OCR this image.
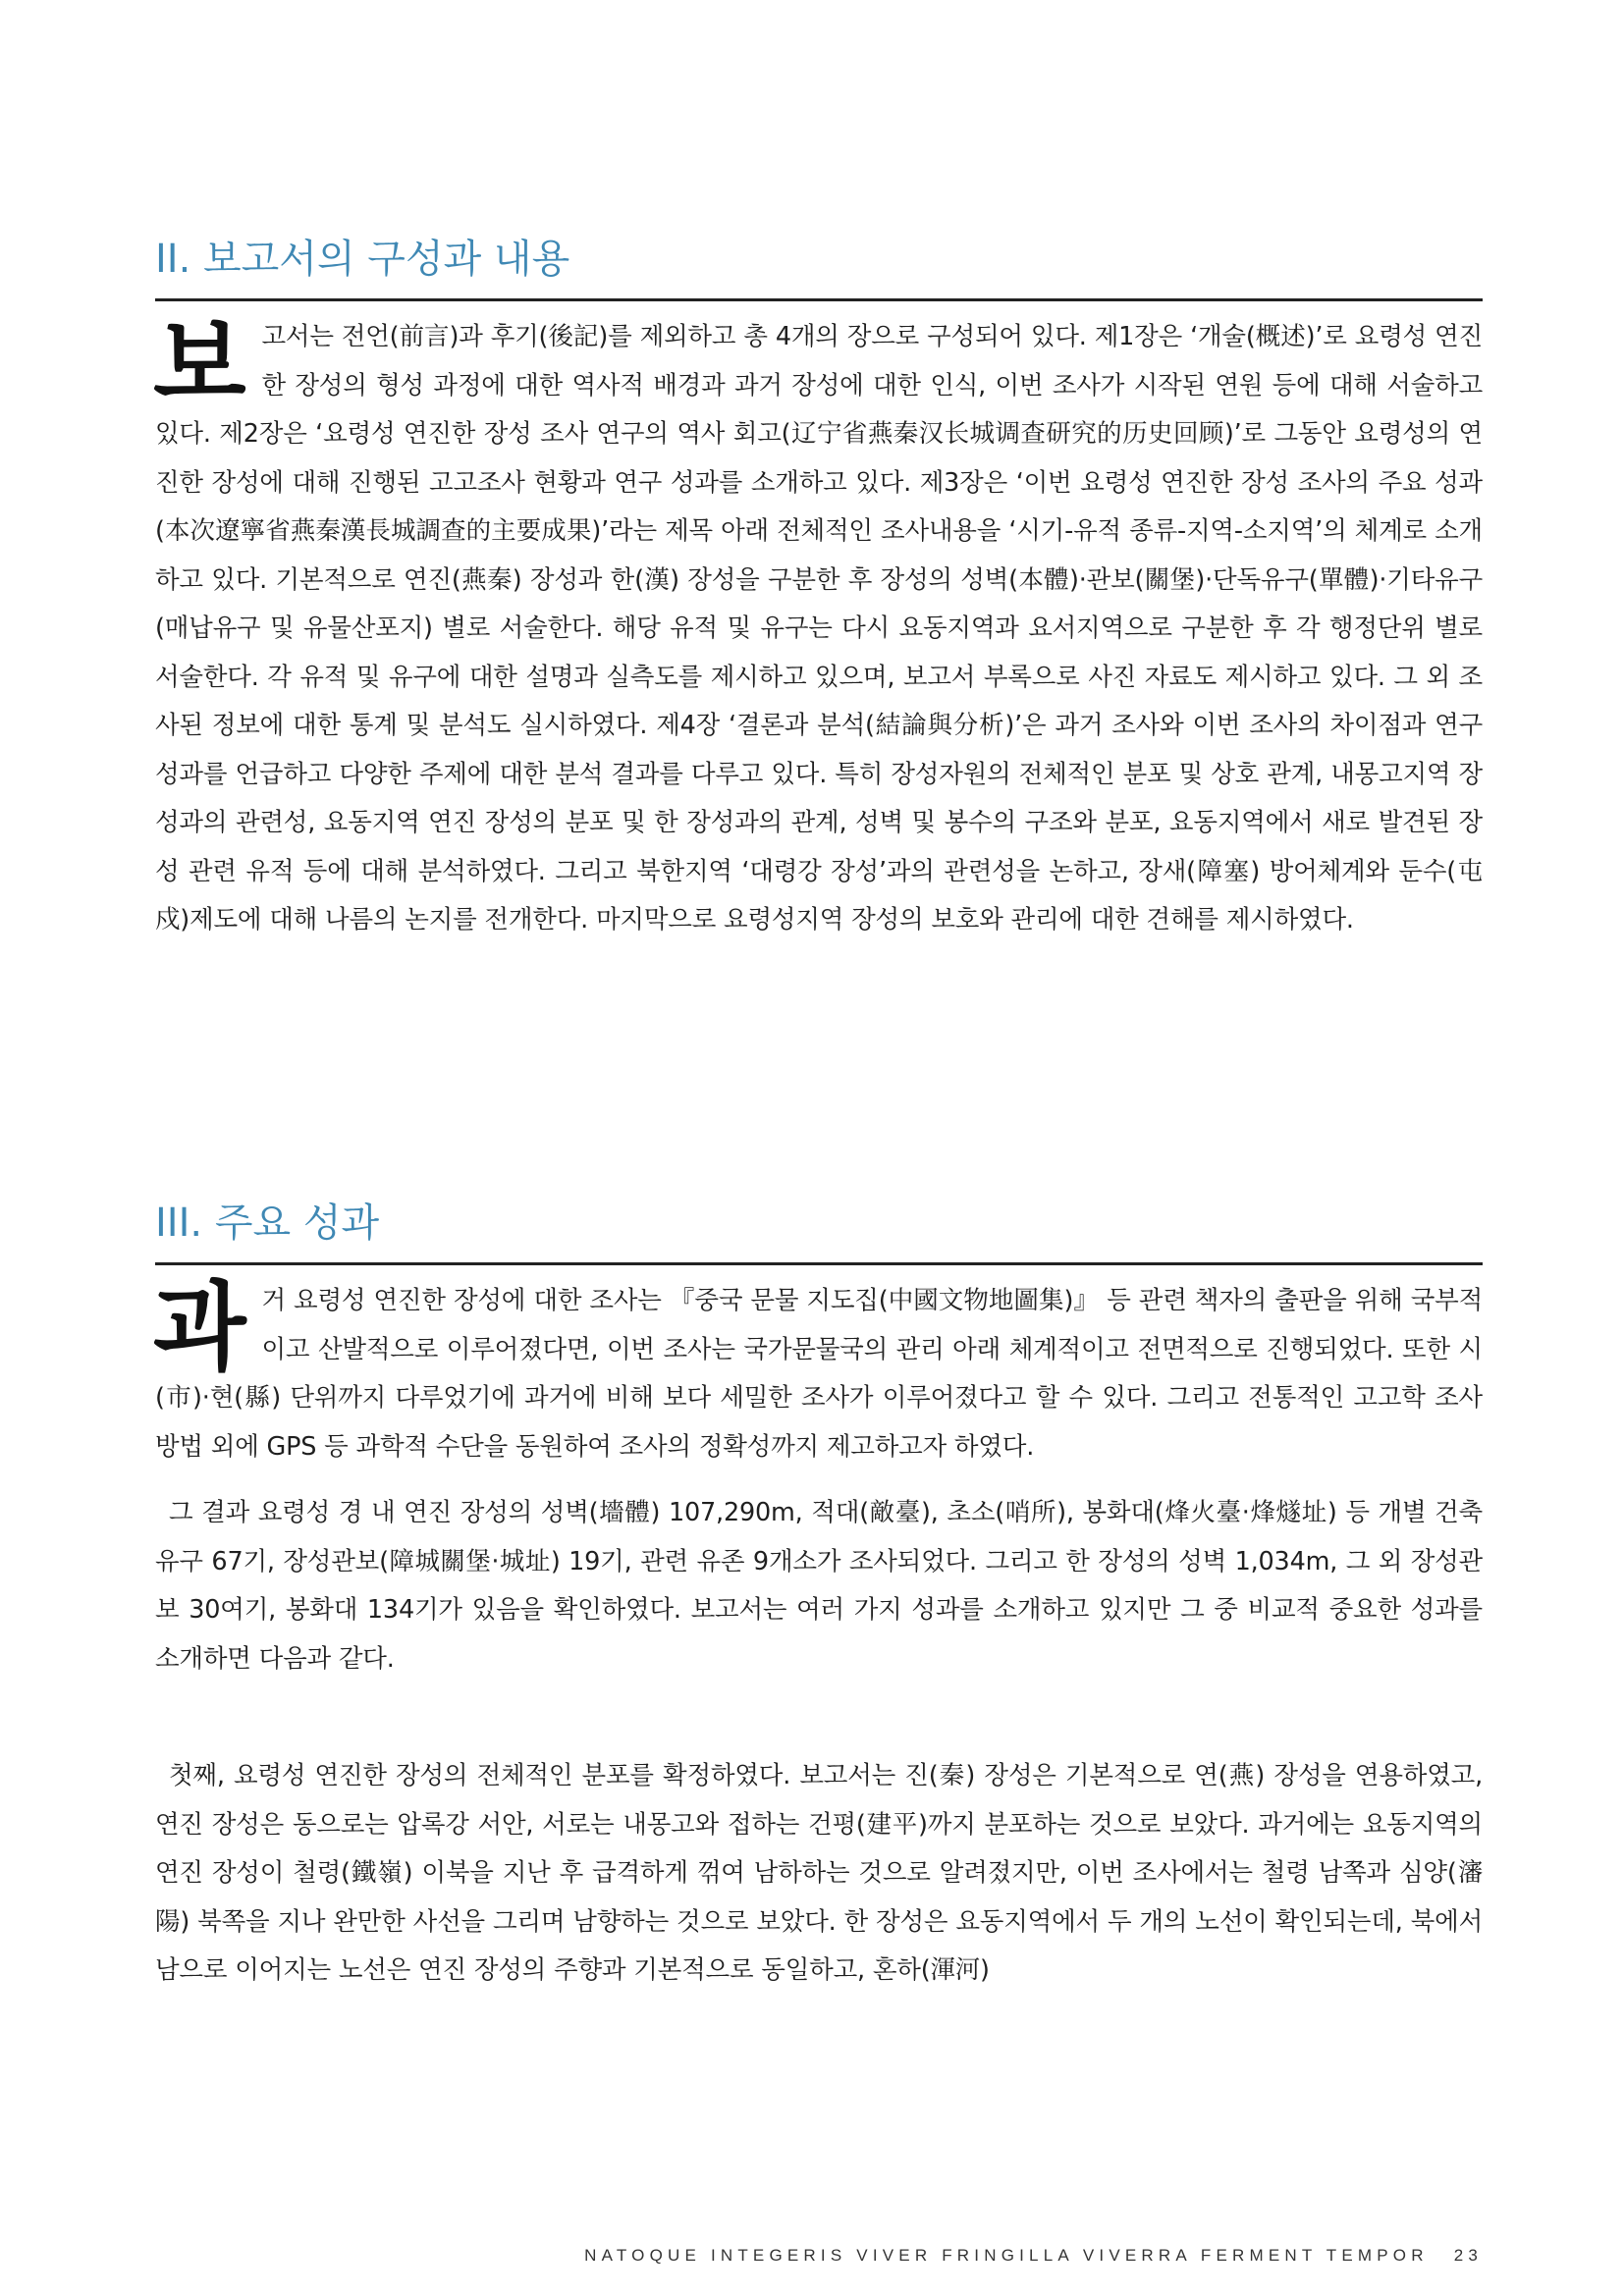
II. 보고서의 구성과 내용

보고서는 전언(前言)과 후기(後記)를 제외하고 총 4개의 장으로 구성되어 있다. 제1장은 ‘개술(概述)’로 요령성 연진한 장성의 형성 과정에 대한 역사적 배경과 과거 장성에 대한 인식, 이번 조사가 시작된 연원 등에 대해 서술하고 있다. 제2장은 ‘요령성 연진한 장성 조사 연구의 역사 회고(辽宁省燕秦汉长城调查研究的历史回顾)’로 그동안 요령성의 연진한 장성에 대해 진행된 고고조사 현황과 연구 성과를 소개하고 있다. 제3장은 ‘이번 요령성 연진한 장성 조사의 주요 성과(本次遼寧省燕秦漢長城調查的主要成果)’라는 제목 아래 전체적인 조사내용을 ‘시기-유적 종류-지역-소지역’의 체계로 소개하고 있다. 기본적으로 연진(燕秦) 장성과 한(漢) 장성을 구분한 후 장성의 성벽(本體)·관보(關堡)·단독유구(單體)·기타유구(매납유구 및 유물산포지) 별로 서술한다. 해당 유적 및 유구는 다시 요동지역과 요서지역으로 구분한 후 각 행정단위 별로 서술한다. 각 유적 및 유구에 대한 설명과 실측도를 제시하고 있으며, 보고서 부록으로 사진 자료도 제시하고 있다. 그 외 조사된 정보에 대한 통계 및 분석도 실시하였다. 제4장 ‘결론과 분석(結論與分析)’은 과거 조사와 이번 조사의 차이점과 연구성과를 언급하고 다양한 주제에 대한 분석 결과를 다루고 있다. 특히 장성자원의 전체적인 분포 및 상호 관계, 내몽고지역 장성과의 관련성, 요동지역 연진 장성의 분포 및 한 장성과의 관계, 성벽 및 봉수의 구조와 분포, 요동지역에서 새로 발견된 장성 관련 유적 등에 대해 분석하였다. 그리고 북한지역 ‘대령강 장성’과의 관련성을 논하고, 장새(障塞) 방어체계와 둔수(屯戍)제도에 대해 나름의 논지를 전개한다. 마지막으로 요령성지역 장성의 보호와 관리에 대한 견해를 제시하였다.

III. 주요 성과

과거 요령성 연진한 장성에 대한 조사는 『중국 문물 지도집(中國文物地圖集)』 등 관련 책자의 출판을 위해 국부적이고 산발적으로 이루어졌다면, 이번 조사는 국가문물국의 관리 아래 체계적이고 전면적으로 진행되었다. 또한 시(市)·현(縣) 단위까지 다루었기에 과거에 비해 보다 세밀한 조사가 이루어졌다고 할 수 있다. 그리고 전통적인 고고학 조사 방법 외에 GPS 등 과학적 수단을 동원하여 조사의 정확성까지 제고하고자 하였다.

그 결과 요령성 경 내 연진 장성의 성벽(墻體) 107,290m, 적대(敵臺), 초소(哨所), 봉화대(烽火臺·烽燧址) 등 개별 건축 유구 67기, 장성관보(障城關堡·城址) 19기, 관련 유존 9개소가 조사되었다. 그리고 한 장성의 성벽 1,034m, 그 외 장성관보 30여기, 봉화대 134기가 있음을 확인하였다. 보고서는 여러 가지 성과를 소개하고 있지만 그 중 비교적 중요한 성과를 소개하면 다음과 같다.

첫째, 요령성 연진한 장성의 전체적인 분포를 확정하였다. 보고서는 진(秦) 장성은 기본적으로 연(燕) 장성을 연용하였고, 연진 장성은 동으로는 압록강 서안, 서로는 내몽고와 접하는 건평(建平)까지 분포하는 것으로 보았다. 과거에는 요동지역의 연진 장성이 철령(鐵嶺) 이북을 지난 후 급격하게 꺾여 남하하는 것으로 알려졌지만, 이번 조사에서는 철령 남쪽과 심양(瀋陽) 북쪽을 지나 완만한 사선을 그리며 남향하는 것으로 보았다. 한 장성은 요동지역에서 두 개의 노선이 확인되는데, 북에서 남으로 이어지는 노선은 연진 장성의 주향과 기본적으로 동일하고, 혼하(渾河)

NATOQUE INTEGERIS VIVER FRINGILLA VIVERRA FERMENT TEMPOR 23
